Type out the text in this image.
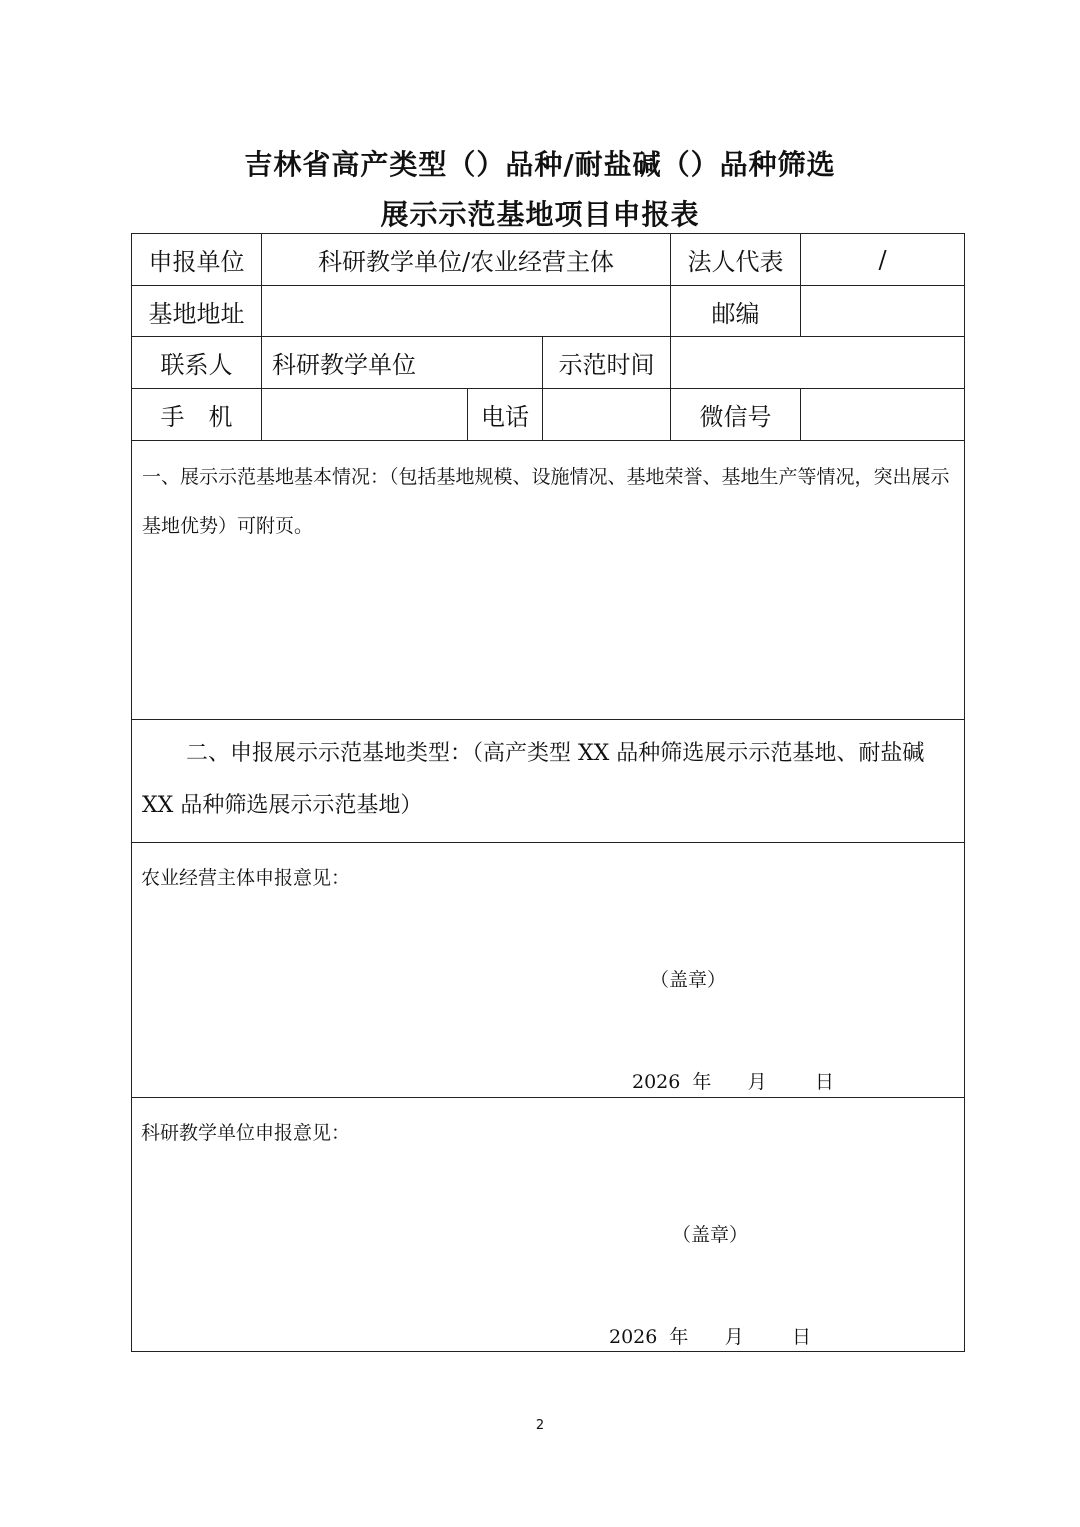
吉林省高产类型（）品种/耐盐碱（）品种筛选
展示示范基地项目申报表
申报单位	科研教学单位/农业经营主体			法人代表	/
基地地址				邮编	
联系人	科研教学单位		示范时间		
手　机		电话		微信号	
一、展示示范基地基本情况：（包括基地规模、设施情况、基地荣誉、基地生产等情况，突出展示基地优势）可附页。					
　　二、申报展示示范基地类型：（高产类型 XX 品种筛选展示示范基地、耐盐碱 XX 品种筛选展示示范基地）					

农业经营主体申报意见：
（盖章）
2026  年      月        日					

科研教学单位申报意见：
（盖章）
2026  年      月        日					
2
